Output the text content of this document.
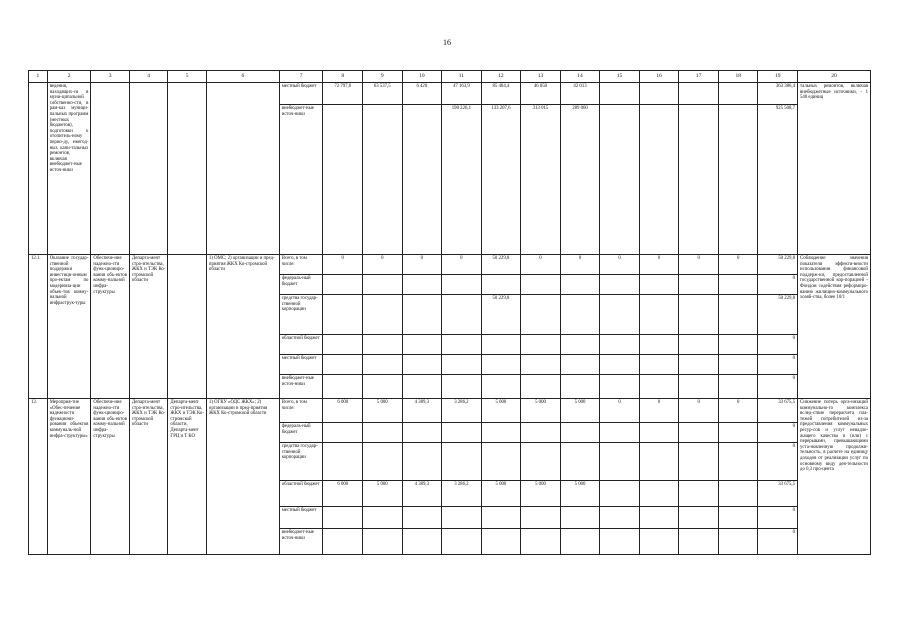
16
1	2	3	4	5	6	7	8	9	10	11	12	13	14	15	16	17	18	19	20
	ведения, находящих-ся в муни-ципальной собственно-сти, в рам-ках муници-пальных программ (местных бюджетов), подготовки к отопитель-ному перио-ду, ежегод-ных капи-тальных ремонтов, включая внебюджет-ные источ-ники					местный бюджет	72 797,6	63 537,5	6 420	47 163,9	85 404,4	46 050	42 013					363 386,4	тальных ремонтов, включая внебюджетные источники, - 1 548 единиц
						внебюджет-ные источ-ники				190 226,1	133 207,6	313 015	289 060					925 508,7	
12.1.	Оказание государ-ственной поддержки инвестици-онным про-ектам по модерниза-ции объек-тов комму-нальной инфраструк-туры	Обеспече-ние надежно-сти функ-циониро-вания объ-ектов комму-нальной инфра-структуры	Департа-мент стро-ительства, ЖКХ и ТЭК Ко-стромской области		1) ОМС; 2) организации и пред-приятия ЖКХ Ко-стромской области	Всего, в том числе:	0	0	0	0	50 229,8	0	0	0	0	0	0	50 229,8	Соблюдение значения показателя эффекти-вности использования финансовой поддерж-ки, предоставленной государственной кор-порацией - Фондом содействия реформиро-ванию жилищно-коммунального хозяй-ства, более 10/1
						федераль-ный бюджет												0	
						средства государ-ственной корпорации					50 229,8							50 229,8	
						областной бюджет												0	
						местный бюджет												0	
						внебюджет-ные источ-ники												0	
13.	Мероприя-тие «Обес-печение надежности функциони-рования объектов коммуналь-ной инфра-структуры»	Обеспече-ние надежно-сти функ-циониро-вания объ-ектов комму-нальной инфра-структуры	Департа-мент стро-ительства, ЖКХ и ТЭК Ко-стромской области	Департа-мент стро-ительства, ЖКХ и ТЭК Ко-стромской области, Департа-мент ГРЦ и Т КО	1) ОГКУ «ОДС ЖКХ»; 2) организации и пред-приятия ЖКХ Ко-стромской области	Всего, в том числе:	6 000	5 000	4 389,3	3 286,2	5 000	5 000	5 000	0	0	0	0	33 675,5	Снижение потерь орга-низаций коммунально-го комплекса вслед-ствие перерасчета пла-тежей потребителей из-за предоставления коммунальных ресур-сов и услуг ненадле-жащего качества и (или) с перерывами, превышающими уста-новленную продолжи-тельность, в расчете на единицу доходов от реализации услуг по основному виду дея-тельности до 0,3 про-цента
						федераль-ный бюджет												0	
						средства государ-ственной корпорации												0	
						областной бюджет	6 000	5 000	4 389,3	3 286,2	5 000	5 000	5 000					33 675,5	
						местный бюджет												0	
						внебюджет-ные источ-ники												0	
